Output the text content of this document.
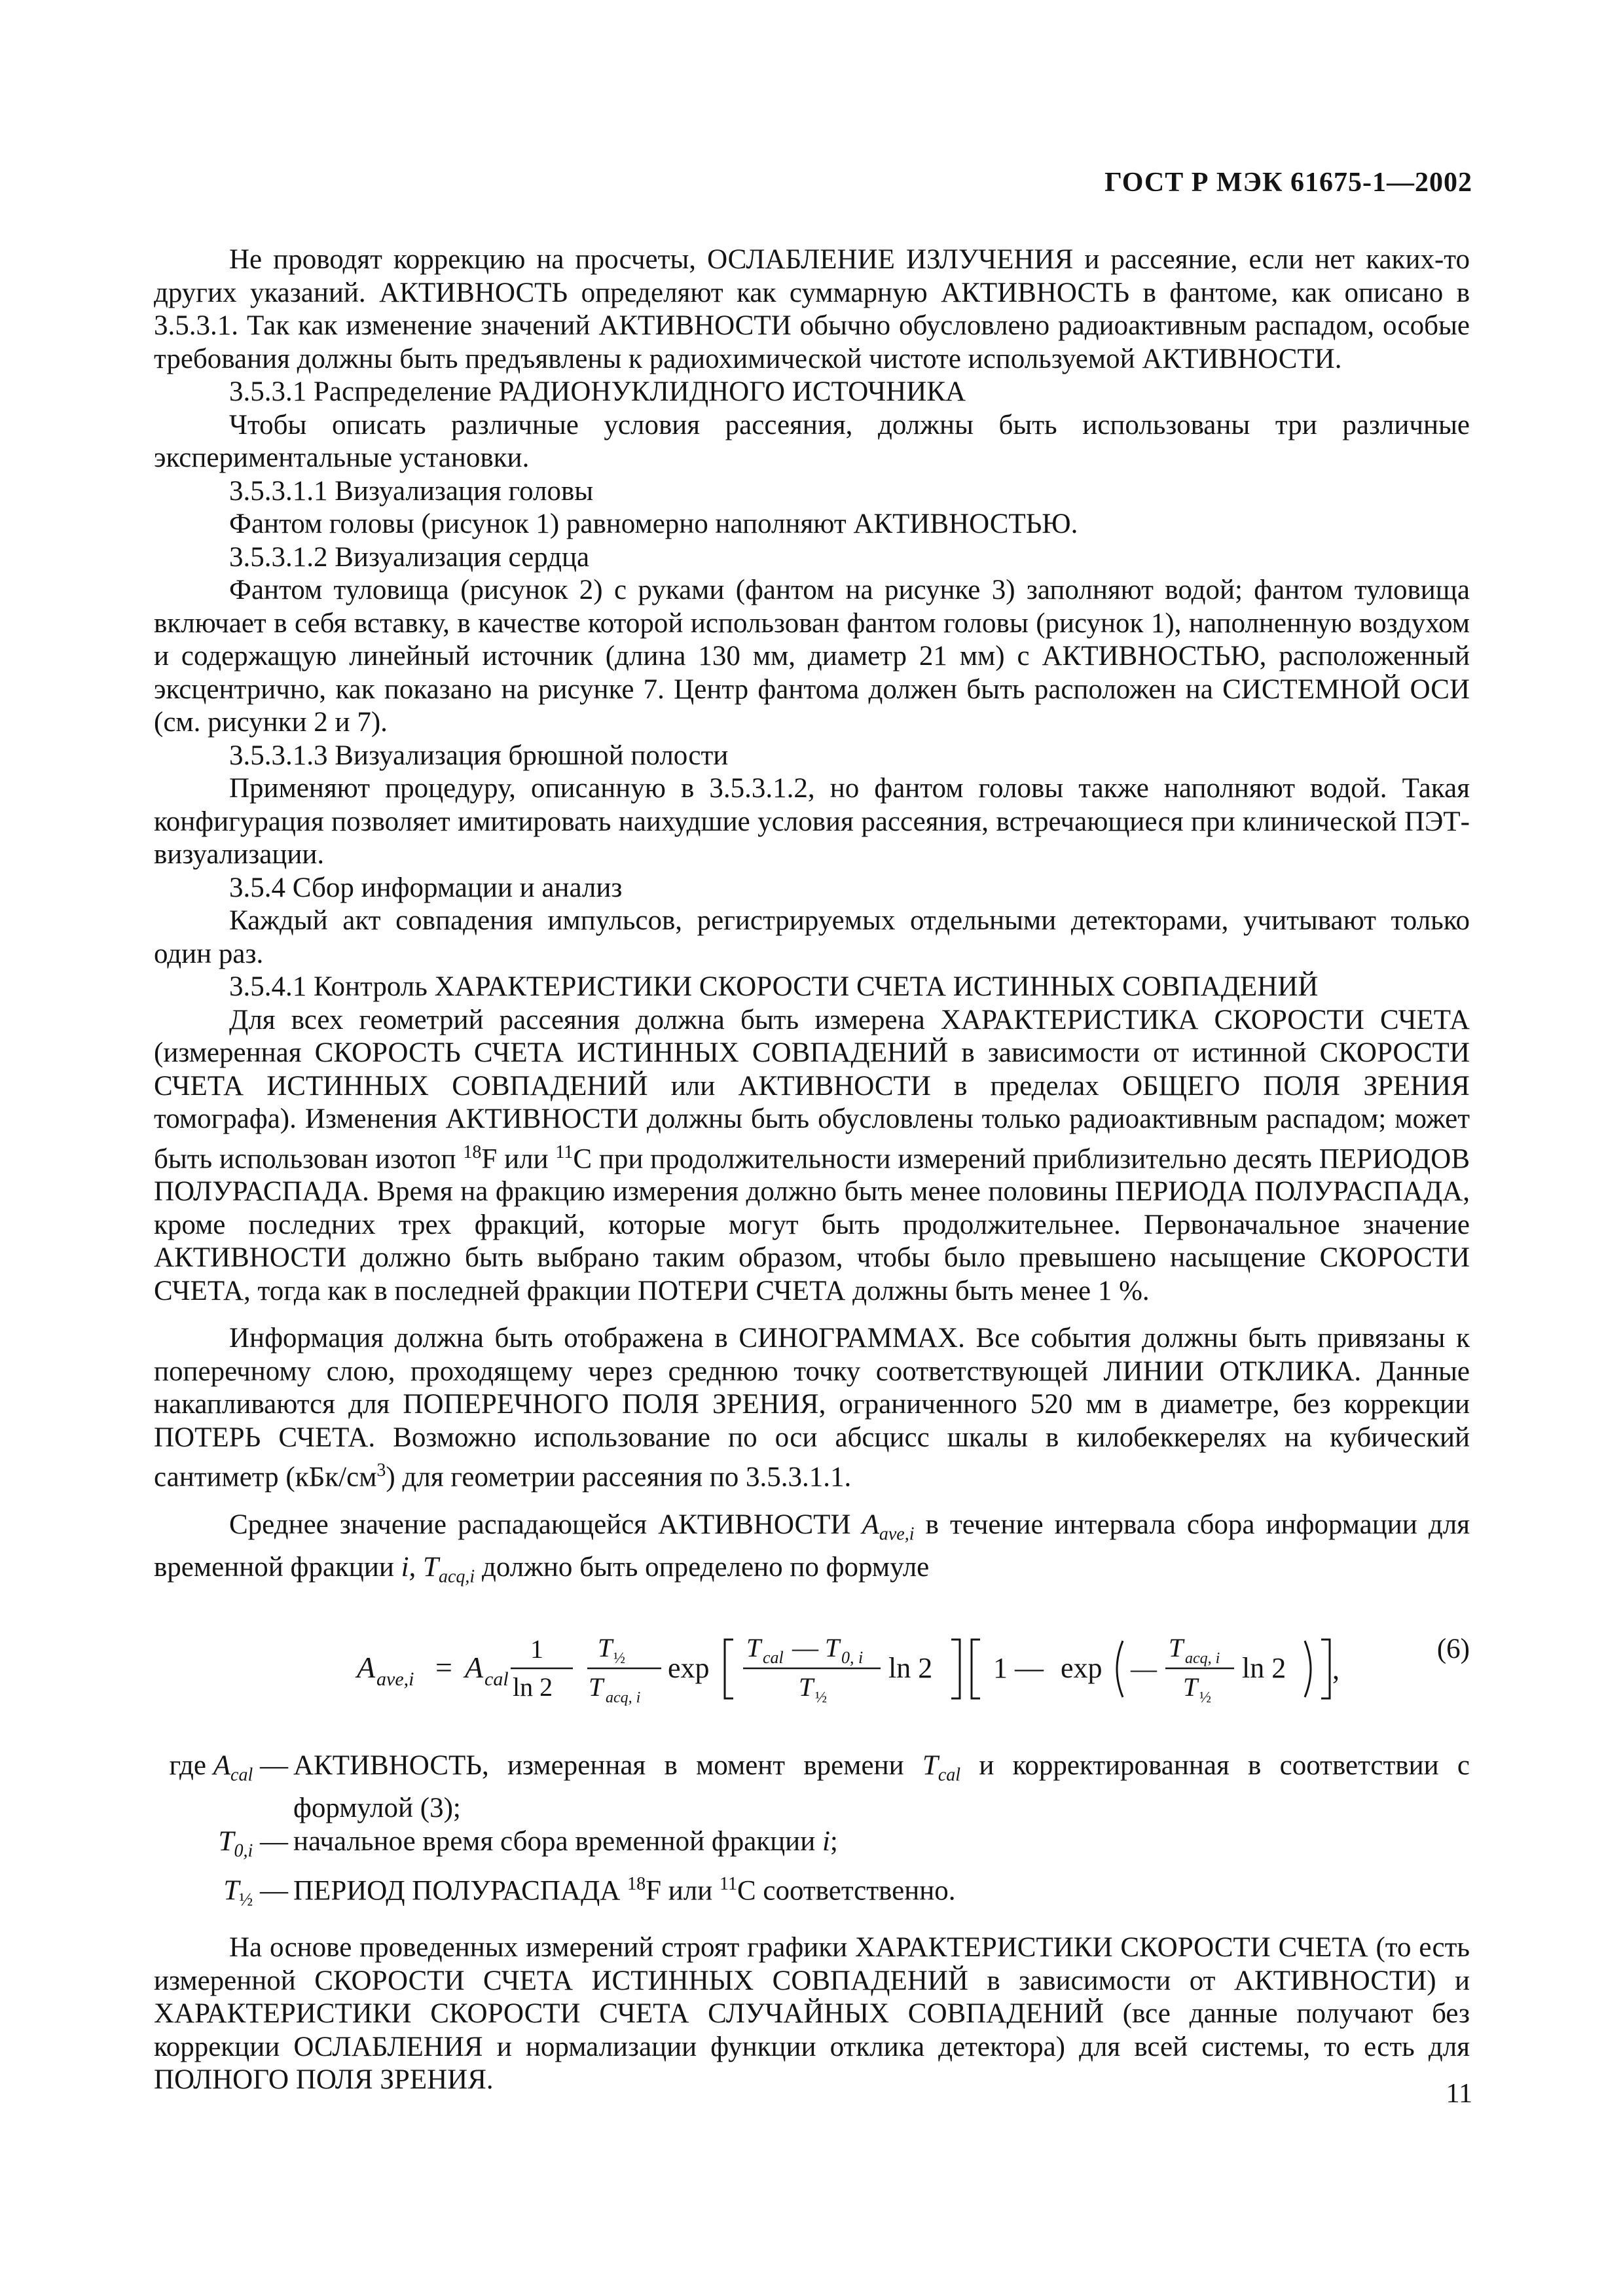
ГОСТ Р МЭК 61675-1—2002

Не проводят коррекцию на просчеты, ОСЛАБЛЕНИЕ ИЗЛУЧЕНИЯ и рассеяние, если нет каких-то других указаний. АКТИВНОСТЬ определяют как суммарную АКТИВНОСТЬ в фантоме, как описано в 3.5.3.1. Так как изменение значений АКТИВНОСТИ обычно обусловлено радиоактивным распадом, особые требования должны быть предъявлены к радиохимической чистоте используемой АКТИВНОСТИ.

3.5.3.1 Распределение РАДИОНУКЛИДНОГО ИСТОЧНИКА

Чтобы описать различные условия рассеяния, должны быть использованы три различные экспериментальные установки.

3.5.3.1.1 Визуализация головы

Фантом головы (рисунок 1) равномерно наполняют АКТИВНОСТЬЮ.

3.5.3.1.2 Визуализация сердца

Фантом туловища (рисунок 2) с руками (фантом на рисунке 3) заполняют водой; фантом туловища включает в себя вставку, в качестве которой использован фантом головы (рисунок 1), наполненную воздухом и содержащую линейный источник (длина 130 мм, диаметр 21 мм) с АКТИВНОСТЬЮ, расположенный эксцентрично, как показано на рисунке 7. Центр фантома должен быть расположен на СИСТЕМНОЙ ОСИ (см. рисунки 2 и 7).

3.5.3.1.3 Визуализация брюшной полости

Применяют процедуру, описанную в 3.5.3.1.2, но фантом головы также наполняют водой. Такая конфигурация позволяет имитировать наихудшие условия рассеяния, встречающиеся при клинической ПЭТ-визуализации.

3.5.4 Сбор информации и анализ

Каждый акт совпадения импульсов, регистрируемых отдельными детекторами, учитывают только один раз.

3.5.4.1 Контроль ХАРАКТЕРИСТИКИ СКОРОСТИ СЧЕТА ИСТИННЫХ СОВПАДЕНИЙ

Для всех геометрий рассеяния должна быть измерена ХАРАКТЕРИСТИКА СКОРОСТИ СЧЕТА (измеренная СКОРОСТЬ СЧЕТА ИСТИННЫХ СОВПАДЕНИЙ в зависимости от истинной СКОРОСТИ СЧЕТА ИСТИННЫХ СОВПАДЕНИЙ или АКТИВНОСТИ в пределах ОБЩЕГО ПОЛЯ ЗРЕНИЯ томографа). Изменения АКТИВНОСТИ должны быть обусловлены только радиоактивным распадом; может быть использован изотоп $^{18}$F или $^{11}$C при продолжительности измерений приблизительно десять ПЕРИОДОВ ПОЛУРАСПАДА. Время на фракцию измерения должно быть менее половины ПЕРИОДА ПОЛУРАСПАДА, кроме последних трех фракций, которые могут быть продолжительнее. Первоначальное значение АКТИВНОСТИ должно быть выбрано таким образом, чтобы было превышено насыщение СКОРОСТИ СЧЕТА, тогда как в последней фракции ПОТЕРИ СЧЕТА должны быть менее 1 %.

Информация должна быть отображена в СИНОГРАММАХ. Все события должны быть привязаны к поперечному слою, проходящему через среднюю точку соответствующей ЛИНИИ ОТКЛИКА. Данные накапливаются для ПОПЕРЕЧНОГО ПОЛЯ ЗРЕНИЯ, ограниченного 520 мм в диаметре, без коррекции ПОТЕРЬ СЧЕТА. Возможно использование по оси абсцисс шкалы в килобеккерелях на кубический сантиметр $(кБк/см^3)$ для геометрии рассеяния по 3.5.3.1.1.

Среднее значение распадающейся АКТИВНОСТИ $A_{ave,i}$ в течение интервала сбора информации для временной фракции i, $T_{acq,i}$ должно быть определено по формуле

A ave,i = A cal
1
ln 2
T ½
T acq, i
exp
T cal — T 0, i
T ½
ln 2 1 — exp —
T acq, i
T ½
ln 2 ,
(6)
где $A_{cal}$ — АКТИВНОСТЬ, измеренная в момент времени $T_{cal}$ и корректированная в соответствии с формулой (3);
$T_{0,i}$ — начальное время сбора временной фракции i;
$T_{\frac{1}{2}}$ — ПЕРИОД ПОЛУРАСПАДА $^{18}$F или $^{11}$C соответственно.

На основе проведенных измерений строят графики ХАРАКТЕРИСТИКИ СКОРОСТИ СЧЕТА (то есть измеренной СКОРОСТИ СЧЕТА ИСТИННЫХ СОВПАДЕНИЙ в зависимости от АКТИВНОСТИ) и ХАРАКТЕРИСТИКИ СКОРОСТИ СЧЕТА СЛУЧАЙНЫХ СОВПАДЕНИЙ (все данные получают без коррекции ОСЛАБЛЕНИЯ и нормализации функции отклика детектора) для всей системы, то есть для ПОЛНОГО ПОЛЯ ЗРЕНИЯ.	11
